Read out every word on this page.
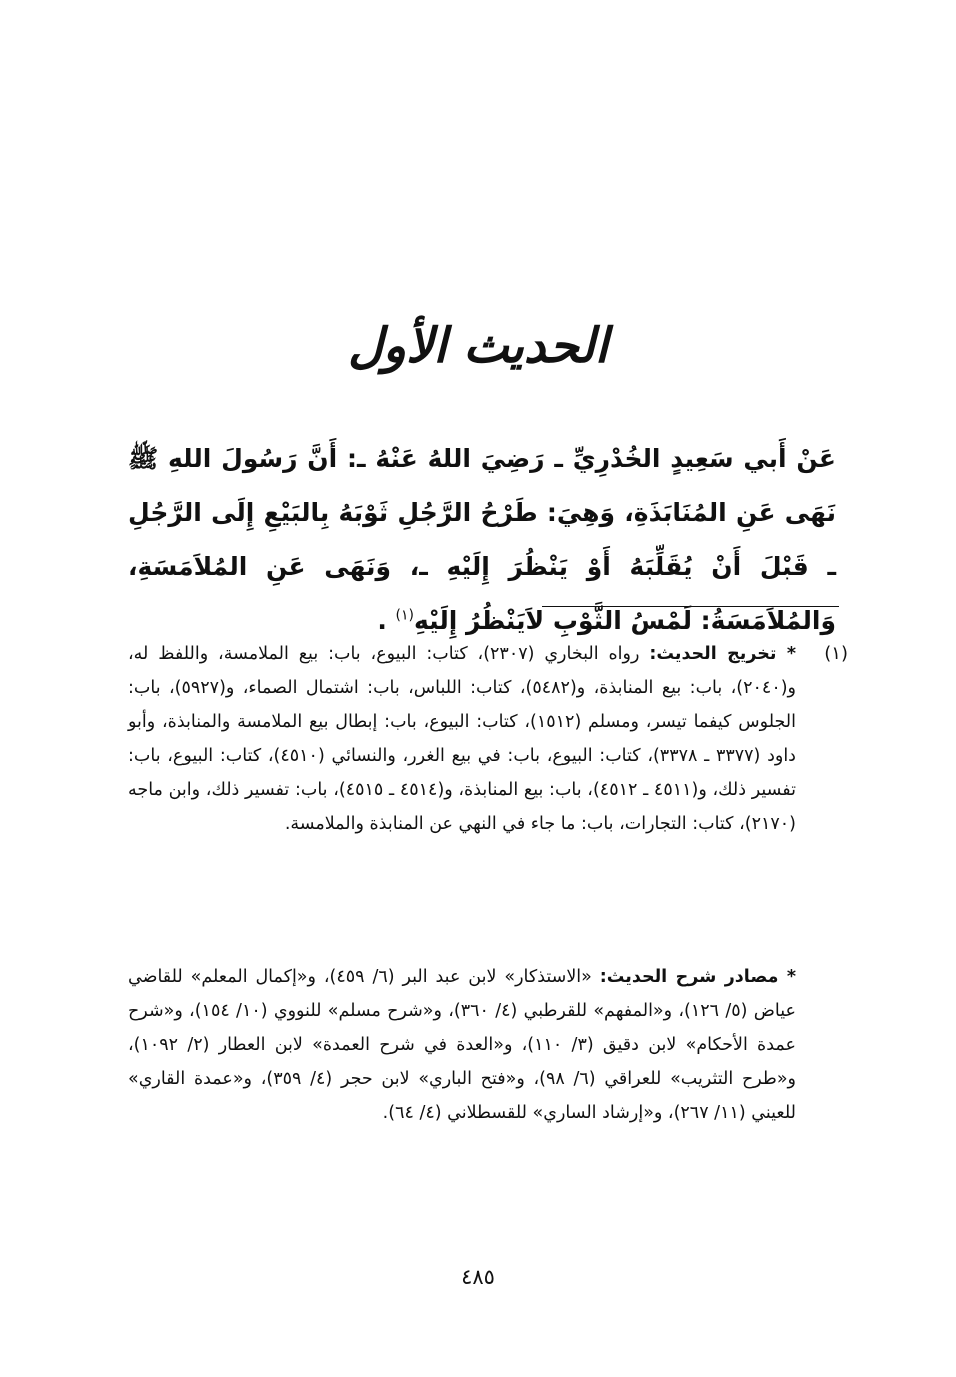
الحديث الأول

عَنْ أَبي سَعِيدٍ الخُدْرِيِّ ـ رَضِيَ اللهُ عَنْهُ ـ: أَنَّ رَسُولَ اللهِ ﷺ نَهَى عَنِ المُنَابَذَةِ، وَهِيَ: طَرْحُ الرَّجُلِ ثَوْبَهُ بِالبَيْعِ إِلَى الرَّجُلِ ـ قَبْلَ أَنْ يُقَلِّبَهُ أَوْ يَنْظُرَ إِلَيْهِ ـ، وَنَهَى عَنِ المُلاَمَسَةِ، وَالمُلاَمَسَةُ: لَمْسُ الثَّوْبِ لاَيَنْظُرُ إِلَيْهِ$^{(١)}$ .

(١)

* تخريج الحديث: رواه البخاري (٢٣٠٧)، كتاب: البيوع، باب: بيع الملامسة، واللفظ له، و(٢٠٤٠)، باب: بيع المنابذة، و(٥٤٨٢)، كتاب: اللباس، باب: اشتمال الصماء، و(٥٩٢٧)، باب: الجلوس كيفما تيسر، ومسلم (١٥١٢)، كتاب: البيوع، باب: إبطال بيع الملامسة والمنابذة، وأبو داود (٣٣٧٧ ـ ٣٣٧٨)، كتاب: البيوع، باب: في بيع الغرر، والنسائي (٤٥١٠)، كتاب: البيوع، باب: تفسير ذلك، و(٤٥١١ ـ ٤٥١٢)، باب: بيع المنابذة، و(٤٥١٤ ـ ٤٥١٥)، باب: تفسير ذلك، وابن ماجه (٢١٧٠)، كتاب: التجارات، باب: ما جاء في النهي عن المنابذة والملامسة.

* مصادر شرح الحديث: «الاستذكار» لابن عبد البر (٦/ ٤٥٩)، و«إكمال المعلم» للقاضي عياض (٥/ ١٢٦)، و«المفهم» للقرطبي (٤/ ٣٦٠)، و«شرح مسلم» للنووي (١٠/ ١٥٤)، و«شرح عمدة الأحكام» لابن دقيق (٣/ ١١٠)، و«العدة في شرح العمدة» لابن العطار (٢/ ١٠٩٢)، و«طرح التثريب» للعراقي (٦/ ٩٨)، و«فتح الباري» لابن حجر (٤/ ٣٥٩)، و«عمدة القاري» للعيني (١١/ ٢٦٧)، و«إرشاد الساري» للقسطلاني (٤/ ٦٤).

٤٨٥
